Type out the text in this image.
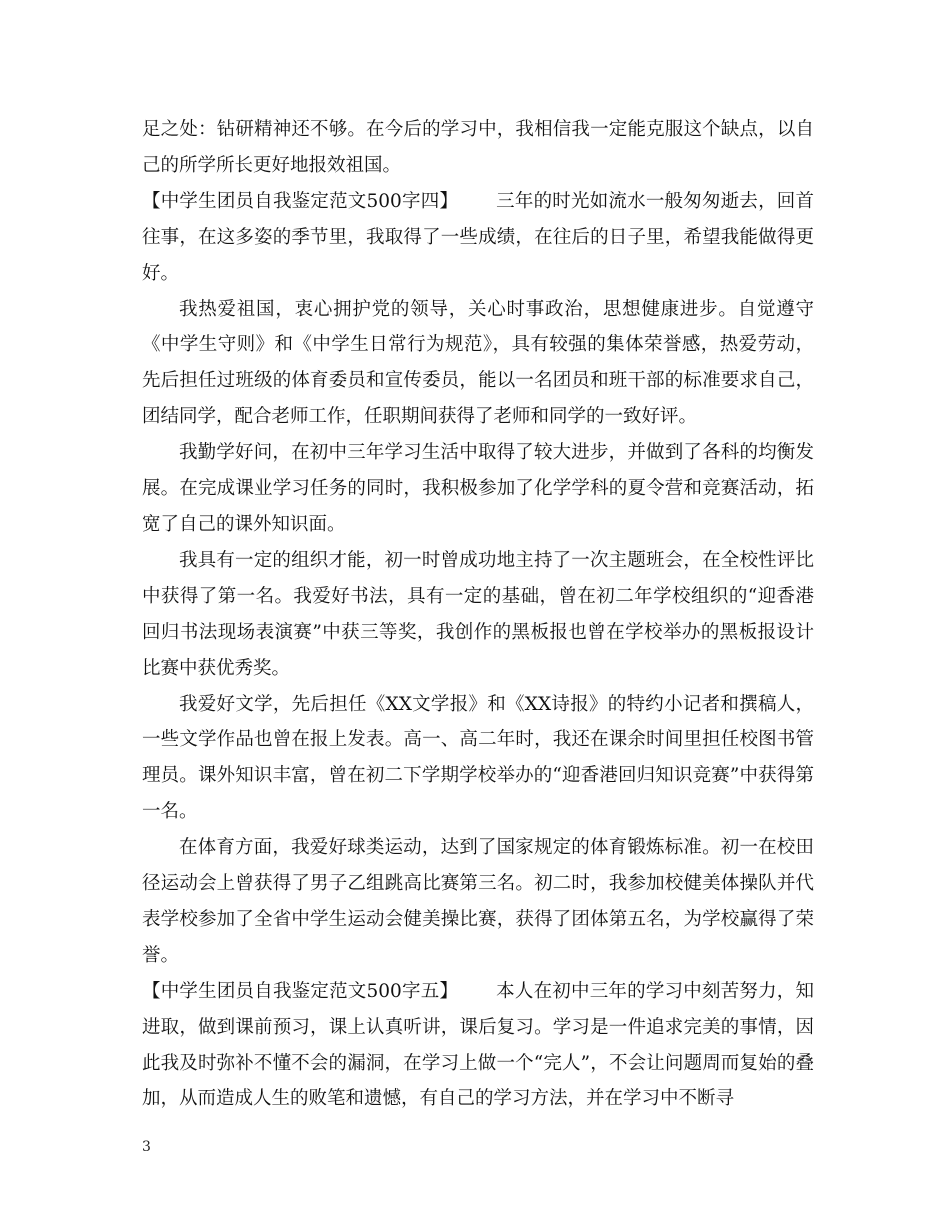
足之处：钻研精神还不够。在今后的学习中，我相信我一定能克服这个缺点，以自己的所学所长更好地报效祖国。

【中学生团员自我鉴定范文500字四】 三年的时光如流水一般匆匆逝去，回首往事，在这多姿的季节里，我取得了一些成绩，在往后的日子里，希望我能做得更好。

我热爱祖国，衷心拥护党的领导，关心时事政治，思想健康进步。自觉遵守《中学生守则》和《中学生日常行为规范》，具有较强的集体荣誉感，热爱劳动，先后担任过班级的体育委员和宣传委员，能以一名团员和班干部的标准要求自己，团结同学，配合老师工作，任职期间获得了老师和同学的一致好评。

我勤学好问，在初中三年学习生活中取得了较大进步，并做到了各科的均衡发展。在完成课业学习任务的同时，我积极参加了化学学科的夏令营和竞赛活动，拓宽了自己的课外知识面。

我具有一定的组织才能，初一时曾成功地主持了一次主题班会，在全校性评比中获得了第一名。我爱好书法，具有一定的基础，曾在初二年学校组织的“迎香港回归书法现场表演赛”中获三等奖，我创作的黑板报也曾在学校举办的黑板报设计比赛中获优秀奖。

我爱好文学，先后担任《XX文学报》和《XX诗报》的特约小记者和撰稿人，一些文学作品也曾在报上发表。高一、高二年时，我还在课余时间里担任校图书管理员。课外知识丰富，曾在初二下学期学校举办的“迎香港回归知识竞赛”中获得第一名。

在体育方面，我爱好球类运动，达到了国家规定的体育锻炼标准。初一在校田径运动会上曾获得了男子乙组跳高比赛第三名。初二时，我参加校健美体操队并代表学校参加了全省中学生运动会健美操比赛，获得了团体第五名，为学校赢得了荣誉。

【中学生团员自我鉴定范文500字五】 本人在初中三年的学习中刻苦努力，知进取，做到课前预习，课上认真听讲，课后复习。学习是一件追求完美的事情，因此我及时弥补不懂不会的漏洞，在学习上做一个“完人”，不会让问题周而复始的叠加，从而造成人生的败笔和遗憾，有自己的学习方法，并在学习中不断寻

3
